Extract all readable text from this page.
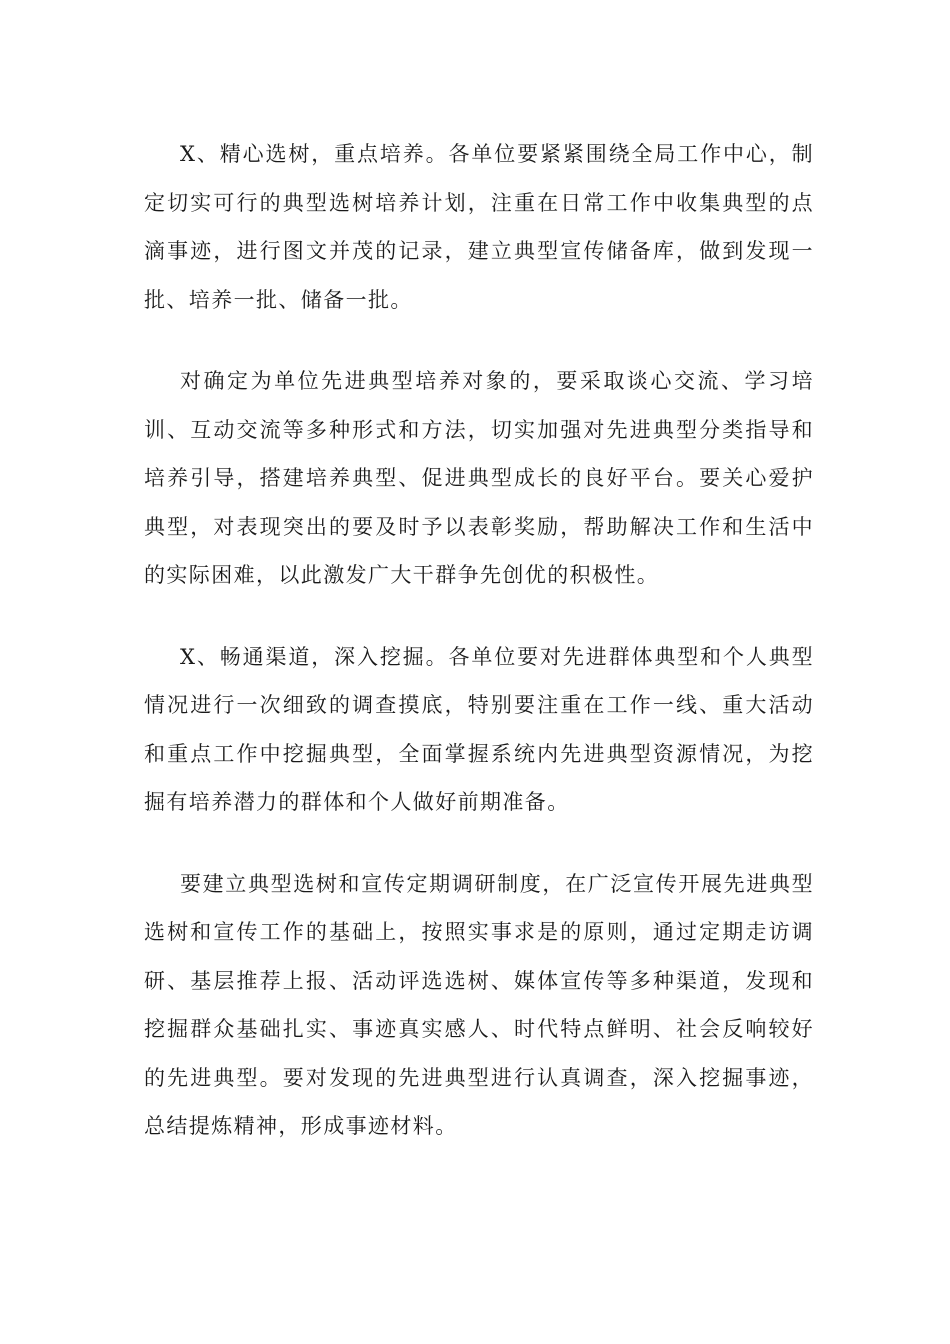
X、精心选树，重点培养。各单位要紧紧围绕全局工作中心，制定切实可行的典型选树培养计划，注重在日常工作中收集典型的点滴事迹，进行图文并茂的记录，建立典型宣传储备库，做到发现一批、培养一批、储备一批。

对确定为单位先进典型培养对象的，要采取谈心交流、学习培训、互动交流等多种形式和方法，切实加强对先进典型分类指导和培养引导，搭建培养典型、促进典型成长的良好平台。要关心爱护典型，对表现突出的要及时予以表彰奖励，帮助解决工作和生活中的实际困难，以此激发广大干群争先创优的积极性。

X、畅通渠道，深入挖掘。各单位要对先进群体典型和个人典型情况进行一次细致的调查摸底，特别要注重在工作一线、重大活动和重点工作中挖掘典型，全面掌握系统内先进典型资源情况，为挖掘有培养潜力的群体和个人做好前期准备。

要建立典型选树和宣传定期调研制度，在广泛宣传开展先进典型选树和宣传工作的基础上，按照实事求是的原则，通过定期走访调研、基层推荐上报、活动评选选树、媒体宣传等多种渠道，发现和挖掘群众基础扎实、事迹真实感人、时代特点鲜明、社会反响较好的先进典型。要对发现的先进典型进行认真调查，深入挖掘事迹，总结提炼精神，形成事迹材料。
